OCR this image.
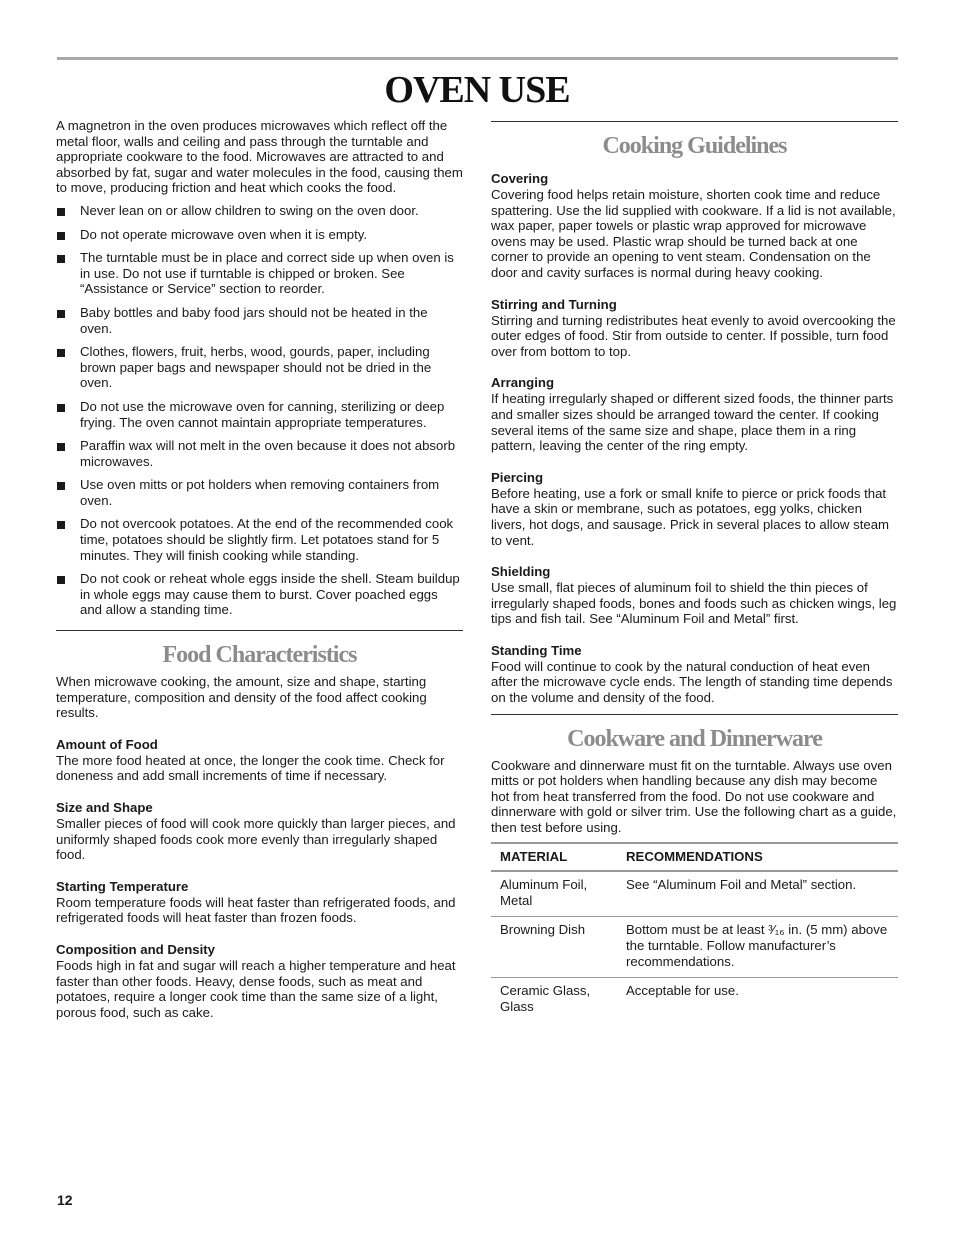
OVEN USE

A magnetron in the oven produces microwaves which reflect off the metal floor, walls and ceiling and pass through the turntable and appropriate cookware to the food. Microwaves are attracted to and absorbed by fat, sugar and water molecules in the food, causing them to move, producing friction and heat which cooks the food.

Never lean on or allow children to swing on the oven door.
Do not operate microwave oven when it is empty.
The turntable must be in place and correct side up when oven is in use. Do not use if turntable is chipped or broken. See “Assistance or Service” section to reorder.
Baby bottles and baby food jars should not be heated in the oven.
Clothes, flowers, fruit, herbs, wood, gourds, paper, including brown paper bags and newspaper should not be dried in the oven.
Do not use the microwave oven for canning, sterilizing or deep frying. The oven cannot maintain appropriate temperatures.
Paraffin wax will not melt in the oven because it does not absorb microwaves.
Use oven mitts or pot holders when removing containers from oven.
Do not overcook potatoes. At the end of the recommended cook time, potatoes should be slightly firm. Let potatoes stand for 5 minutes. They will finish cooking while standing.
Do not cook or reheat whole eggs inside the shell. Steam buildup in whole eggs may cause them to burst. Cover poached eggs and allow a standing time.
Food Characteristics

When microwave cooking, the amount, size and shape, starting temperature, composition and density of the food affect cooking results.

Amount of Food

The more food heated at once, the longer the cook time. Check for doneness and add small increments of time if necessary.

Size and Shape

Smaller pieces of food will cook more quickly than larger pieces, and uniformly shaped foods cook more evenly than irregularly shaped food.

Starting Temperature

Room temperature foods will heat faster than refrigerated foods, and refrigerated foods will heat faster than frozen foods.

Composition and Density

Foods high in fat and sugar will reach a higher temperature and heat faster than other foods. Heavy, dense foods, such as meat and potatoes, require a longer cook time than the same size of a light, porous food, such as cake.

Cooking Guidelines
Covering

Covering food helps retain moisture, shorten cook time and reduce spattering. Use the lid supplied with cookware. If a lid is not available, wax paper, paper towels or plastic wrap approved for microwave ovens may be used. Plastic wrap should be turned back at one corner to provide an opening to vent steam. Condensation on the door and cavity surfaces is normal during heavy cooking.

Stirring and Turning

Stirring and turning redistributes heat evenly to avoid overcooking the outer edges of food. Stir from outside to center. If possible, turn food over from bottom to top.

Arranging

If heating irregularly shaped or different sized foods, the thinner parts and smaller sizes should be arranged toward the center. If cooking several items of the same size and shape, place them in a ring pattern, leaving the center of the ring empty.

Piercing

Before heating, use a fork or small knife to pierce or prick foods that have a skin or membrane, such as potatoes, egg yolks, chicken livers, hot dogs, and sausage. Prick in several places to allow steam to vent.

Shielding

Use small, flat pieces of aluminum foil to shield the thin pieces of irregularly shaped foods, bones and foods such as chicken wings, leg tips and fish tail. See “Aluminum Foil and Metal” first.

Standing Time

Food will continue to cook by the natural conduction of heat even after the microwave cycle ends. The length of standing time depends on the volume and density of the food.

Cookware and Dinnerware

Cookware and dinnerware must fit on the turntable. Always use oven mitts or pot holders when handling because any dish may become hot from heat transferred from the food. Do not use cookware and dinnerware with gold or silver trim. Use the following chart as a guide, then test before using.

MATERIAL	RECOMMENDATIONS
Aluminum Foil, Metal	See “Aluminum Foil and Metal” section.
Browning Dish	Bottom must be at least ³⁄₁₆ in. (5 mm) above the turntable. Follow manufacturer’s recommendations.
Ceramic Glass, Glass	Acceptable for use.
12
